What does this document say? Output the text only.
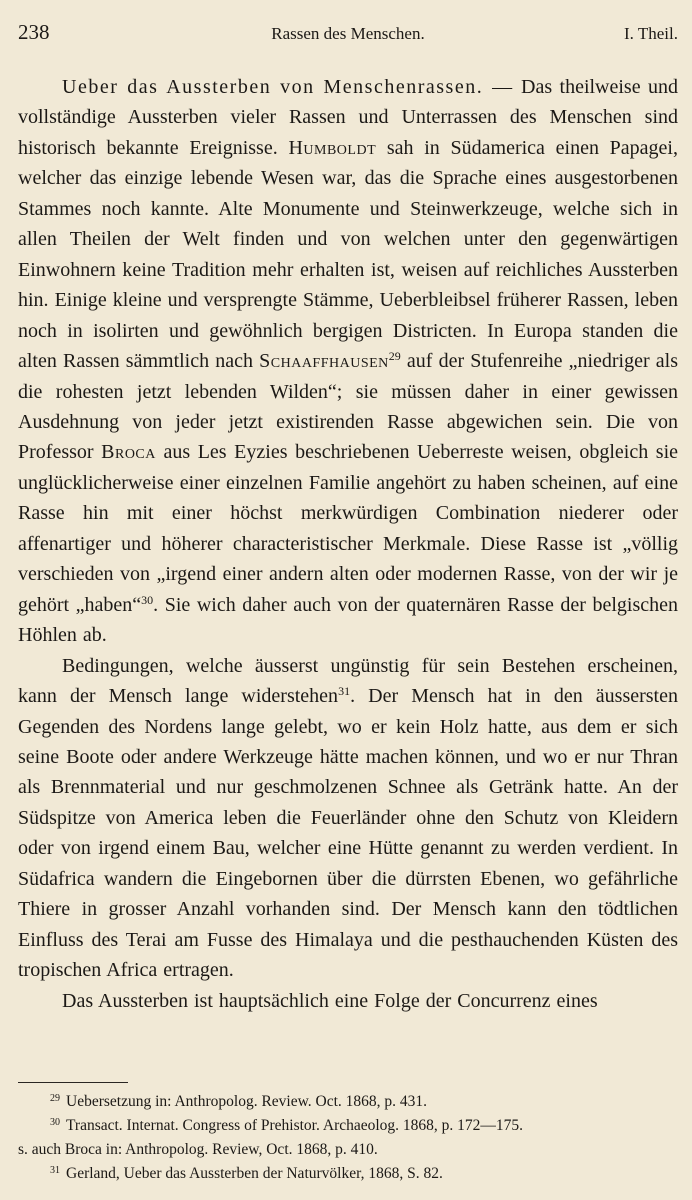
238	Rassen des Menschen.	I. Theil.

Ueber das Aussterben von Menschenrassen. — Das theilweise und vollständige Aussterben vieler Rassen und Unterrassen des Menschen sind historisch bekannte Ereignisse. Humboldt sah in Südamerica einen Papagei, welcher das einzige lebende Wesen war, das die Sprache eines ausgestorbenen Stammes noch kannte. Alte Monumente und Steinwerkzeuge, welche sich in allen Theilen der Welt finden und von welchen unter den gegenwärtigen Einwohnern keine Tradition mehr erhalten ist, weisen auf reichliches Aussterben hin. Einige kleine und versprengte Stämme, Ueberbleibsel früherer Rassen, leben noch in isolirten und gewöhnlich bergigen Districten. In Europa standen die alten Rassen sämmtlich nach Schaaffhausen$^{29}$ auf der Stufenreihe „niedriger als die rohesten jetzt lebenden Wilden“; sie müssen daher in einer gewissen Ausdehnung von jeder jetzt existirenden Rasse abgewichen sein. Die von Professor Broca aus Les Eyzies beschriebenen Ueberreste weisen, obgleich sie unglücklicherweise einer einzelnen Familie angehört zu haben scheinen, auf eine Rasse hin mit einer höchst merkwürdigen Combination niederer oder affenartiger und höherer characteristischer Merkmale. Diese Rasse ist „völlig verschieden von „irgend einer andern alten oder modernen Rasse, von der wir je gehört „haben“$^{30}$. Sie wich daher auch von der quaternären Rasse der belgischen Höhlen ab.

Bedingungen, welche äusserst ungünstig für sein Bestehen erscheinen, kann der Mensch lange widerstehen$^{31}$. Der Mensch hat in den äussersten Gegenden des Nordens lange gelebt, wo er kein Holz hatte, aus dem er sich seine Boote oder andere Werkzeuge hätte machen können, und wo er nur Thran als Brennmaterial und nur geschmolzenen Schnee als Getränk hatte. An der Südspitze von America leben die Feuerländer ohne den Schutz von Kleidern oder von irgend einem Bau, welcher eine Hütte genannt zu werden verdient. In Südafrica wandern die Eingebornen über die dürrsten Ebenen, wo gefährliche Thiere in grosser Anzahl vorhanden sind. Der Mensch kann den tödtlichen Einfluss des Terai am Fusse des Himalaya und die pesthauchenden Küsten des tropischen Africa ertragen.

Das Aussterben ist hauptsächlich eine Folge der Concurrenz eines

$^{29}$ Uebersetzung in: Anthropolog. Review. Oct. 1868, p. 431.
$^{30}$ Transact. Internat. Congress of Prehistor. Archaeolog. 1868, p. 172—175.
s. auch Broca in: Anthropolog. Review, Oct. 1868, p. 410.
$^{31}$ Gerland, Ueber das Aussterben der Naturvölker, 1868, S. 82.
